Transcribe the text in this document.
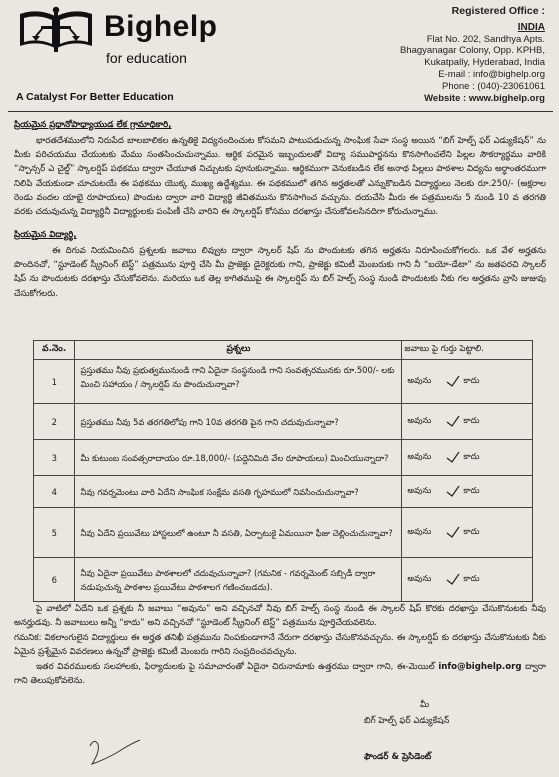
Bighelp
for education
A Catalyst For Better Education
Registered Office :
INDIA
Flat No. 202, Sandhya Apts.
Bhagyanagar Colony, Opp. KPHB,
Kukatpally, Hyderabad, India
E-mail : info@bighelp.org
Phone : (040)-23061061
Website : www.bighelp.org
ప్రియమైన ప్రధానోపాధ్యాయుడ లేక గ్రామాధికారి,
భారతదేశములోని నిరుపేద బాలబాలికల ఉన్నతికై విద్యనందించుట కోసమని పాటుపడుచున్న సాంఘిక సేవా సంస్థ అయిన “బిగ్ హెల్ప్ ఫర్ ఎడ్యుకేషన్” ను మీకు పరిచయము చేయుటకు మేము సంతసించుచున్నాము. ఆర్థిక పరమైన ఇబ్బందులతో విద్యా సముపార్జనను కొనసాగించలేని పిల్లల సౌకర్యార్థము వారికి “స్పాన్సర్ ఎ చైల్డ్” స్కాలర్షిప్ పథకము ద్వారా చేయూత నిచ్చుటకు పూనుకున్నాము. ఆర్థికముగా వెనుకబడిన లేక అనాథ పిల్లలు పాఠశాల విద్యను అర్ధాంతరముగా నిలిపి వేయకుండా చూచుటయే ఈ పథకము యొక్క ముఖ్య ఉద్దేశ్యము. ఈ పథకములో తగిన అర్హతలతో ఎన్నుకొబడిన విద్యార్థులు నెలకు రూ.250/- (అక్షరాల రెండు వందల యాభై రూపాయలు) పొందుట ద్వారా వారి విద్యార్థి జీవితమును కొనసాగించ వచ్చును. దయచేసి మీరు ఈ పత్రములను 5 నుండి 10 వ తరగతి వరకు చదువుచున్న విద్యార్థినీ విద్యార్థులకు పంపిణీ చేసి వారిని ఈ స్కాలర్షిప్ కోసము దరఖాస్తు చేసుకోవలసినదిగా కోరుచున్నాము.
ప్రియమైన విద్యార్థి,
ఈ దిగువ నియమించిన ప్రశ్నలకు జవాబు లివ్వుట ద్వారా స్కాలర్ షిప్ ను పొందుటకు తగిన అర్హతను నిరూపించుకోగలరు. ఒక వేళ అర్హతను పొందినచో, “స్టూడెంట్ స్క్రీనింగ్ టెస్ట్” పత్రమును పూర్తి చేసి మీ ప్రాజెక్టు డైరెక్టరుకు గాని, ప్రాజెక్టు కమిటీ మెంబరుకు గాని నీ “బయో-డేటా” ను జతపరచి స్కాలర్ షిప్ ను పొందుటకు దరఖాస్తు చేసుకోవలెను. మరియు ఒక తెల్ల కాగితముపై ఈ స్కాలర్షిప్ ను బిగ్ హెల్ప్ సంస్థ నుండి పొందుటకు నీకు గల అర్హతను వ్రాసి జుజువు చేసుకోగలరు.
వ.నెం.	ప్రశ్నలు	జవాబు పై గుర్తు పెట్టాలి.
1	ప్రస్తుతము నీవు ప్రభుత్వమునుండి గాని ఏదైనా సంస్థనుండి గాని సంవత్సరమునకు రూ.500/- లకు మించి సహాయం / స్కాలర్షిప్ ను పొందుచున్నావా?	అవును కాదు
2	ప్రస్తుతము నీవు 5వ తరగతిలోపు గాని 10వ తరగతి పైన గాని చదువుచున్నావా?	అవును కాదు
3	మీ కుటుంబ సంవత్సరాదాయం రూ.18,000/- (పద్దెనిమిది వేల రూపాయలు) మించియున్నాదా?	అవును కాదు
4	నీవు గవర్నమెంటు వారి ఏదేని సాంఘిక సంక్షేమ వసతి గృహములో నివసించుచున్నావా?	అవును కాదు
5	నీవు ఏదేని ప్రయివేటు హాస్టలులో ఉంటూ నీ వసతి, ఏర్పాటుకై ఏమయినా ఫీజు చెల్లించుచున్నావా?	అవును కాదు
6	నీవు ఏదైనా ప్రయివేటు పాఠశాలలో చదువుచున్నావా? (గమనిక - గవర్నమెంట్ సబ్సిడీ ద్వారా నడుపుచున్న పాఠశాల ప్రయివేటు పాఠశాలగ గణించబడదు).	అవును కాదు
పై వాటిలో ఏదేని ఒక ప్రశ్నకు నీ జవాబు “అవును” అని వచ్చినచో నీవు బిగ్ హెల్ప్ సంస్థ నుండి ఈ స్కాలర్ షిప్ కొరకు దరఖాస్తు చేసుకొనుటకు నీవు అనర్హుడవు. నీ జవాబులు అన్నీ “కాదు” అని వచ్చినచో “స్టూడెంట్ స్క్రీనింగ్ టెస్ట్” పత్రమును పూర్తిచేయవలెను.
గమనిక: వికలాంగులైన విద్యార్థులు ఈ అర్హత తనిఖీ పత్రమును నింపకుండాగానే నేరుగా దరఖాస్తు చేసుకొనవచ్చును. ఈ స్కాలర్షిప్ కు దరఖాస్తు చేసుకొనుటకు నీకు ఏమైన ప్రశ్నేమైన వివరణలు ఉన్నచో ప్రాజెక్టు కమిటీ మెంబరు గారిని సంప్రదించవచ్చును.
ఇతర వివరములకు సలహాలకు, ఫిర్యాదులకు పై సమాచారంతో ఏదైనా చిరునామాకు ఉత్తరము ద్వారా గాని, ఈ-మెయిల్ info@bighelp.org ద్వారా గాని తెలుపుకోవలెను.
మీ
బిగ్ హెల్ప్ ఫర్ ఎడ్యుకేషన్
ఫౌండర్ & ప్రెసిడెంట్
